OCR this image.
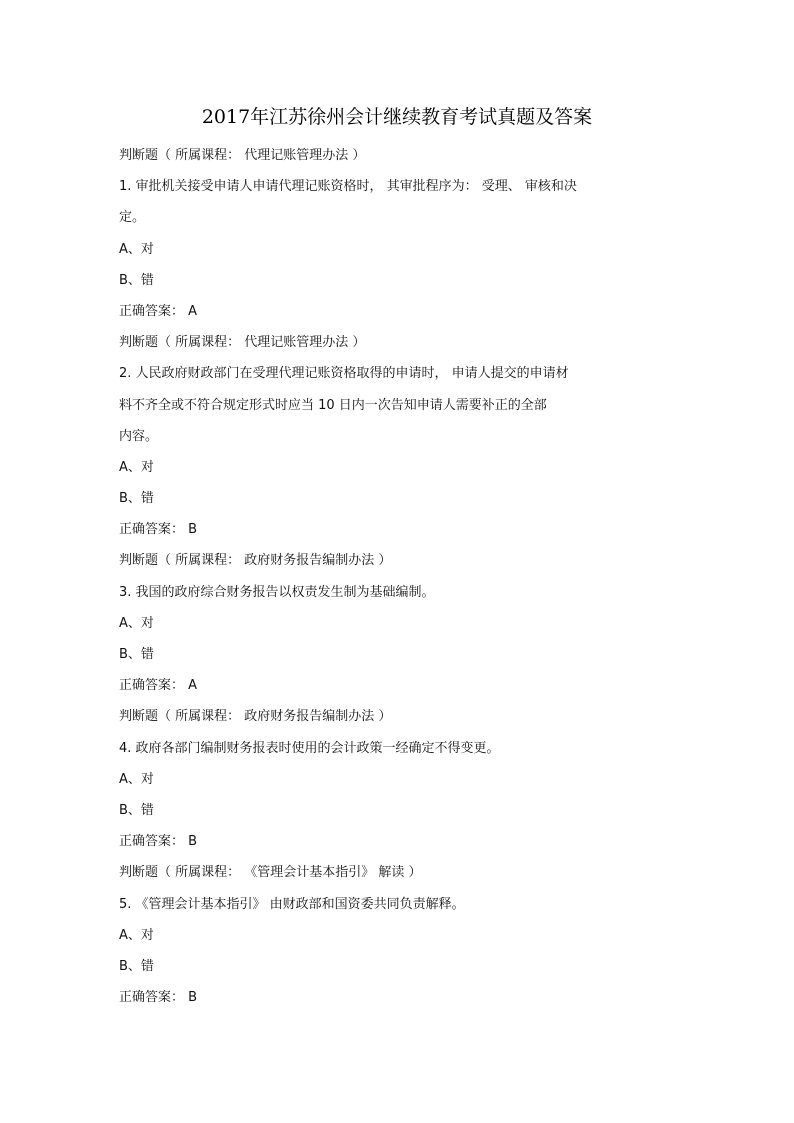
2017年江苏徐州会计继续教育考试真题及答案
判断题（ 所属课程： 代理记账管理办法 ）
1. 审批机关接受申请人申请代理记账资格时， 其审批程序为： 受理、 审核和决
定。
A、对
B、错
正确答案： A
判断题（ 所属课程： 代理记账管理办法 ）
2. 人民政府财政部门在受理代理记账资格取得的申请时， 申请人提交的申请材
料不齐全或不符合规定形式时应当 10 日内一次告知申请人需要补正的全部
内容。
A、对
B、错
正确答案： B
判断题（ 所属课程： 政府财务报告编制办法 ）
3. 我国的政府综合财务报告以权责发生制为基础编制。
A、对
B、错
正确答案： A
判断题（ 所属课程： 政府财务报告编制办法 ）
4. 政府各部门编制财务报表时使用的会计政策一经确定不得变更。
A、对
B、错
正确答案： B
判断题（ 所属课程： 《管理会计基本指引》 解读 ）
5. 《管理会计基本指引》 由财政部和国资委共同负责解释。
A、对
B、错
正确答案： B
